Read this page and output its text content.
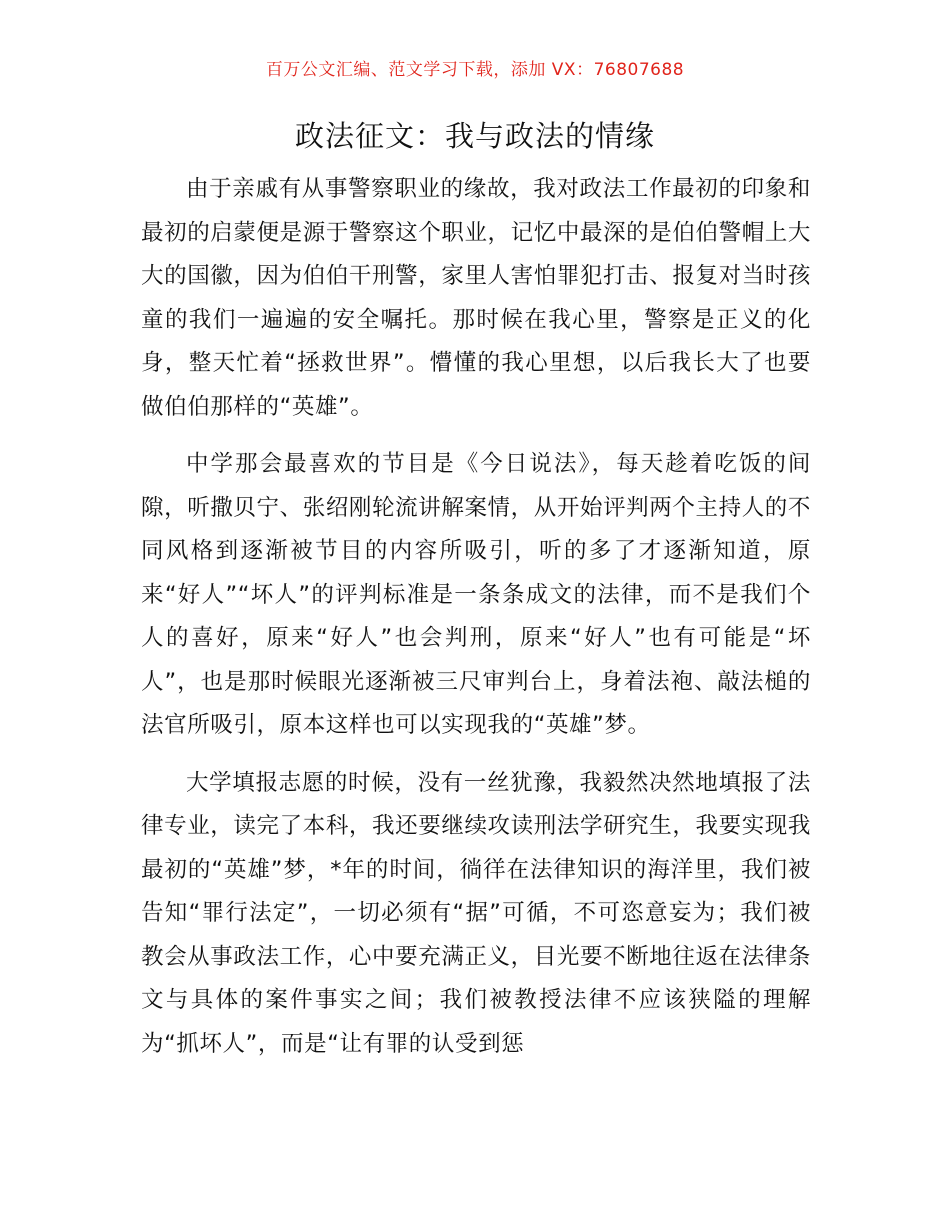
百万公文汇编、范文学习下载，添加 VX：76807688
政法征文：我与政法的情缘

由于亲戚有从事警察职业的缘故，我对政法工作最初的印象和最初的启蒙便是源于警察这个职业，记忆中最深的是伯伯警帽上大大的国徽，因为伯伯干刑警，家里人害怕罪犯打击、报复对当时孩童的我们一遍遍的安全嘱托。那时候在我心里，警察是正义的化身，整天忙着“拯救世界”。懵懂的我心里想，以后我长大了也要做伯伯那样的“英雄”。

中学那会最喜欢的节目是《今日说法》，每天趁着吃饭的间隙，听撒贝宁、张绍刚轮流讲解案情，从开始评判两个主持人的不同风格到逐渐被节目的内容所吸引，听的多了才逐渐知道，原来“好人”“坏人”的评判标准是一条条成文的法律，而不是我们个人的喜好，原来“好人”也会判刑，原来“好人”也有可能是“坏人”，也是那时候眼光逐渐被三尺审判台上，身着法袍、敲法槌的法官所吸引，原本这样也可以实现我的“英雄”梦。

大学填报志愿的时候，没有一丝犹豫，我毅然决然地填报了法律专业，读完了本科，我还要继续攻读刑法学研究生，我要实现我最初的“英雄”梦，*年的时间，徜徉在法律知识的海洋里，我们被告知“罪行法定”，一切必须有“据”可循，不可恣意妄为；我们被教会从事政法工作，心中要充满正义，目光要不断地往返在法律条文与具体的案件事实之间；我们被教授法律不应该狭隘的理解为“抓坏人”，而是“让有罪的认受到惩
